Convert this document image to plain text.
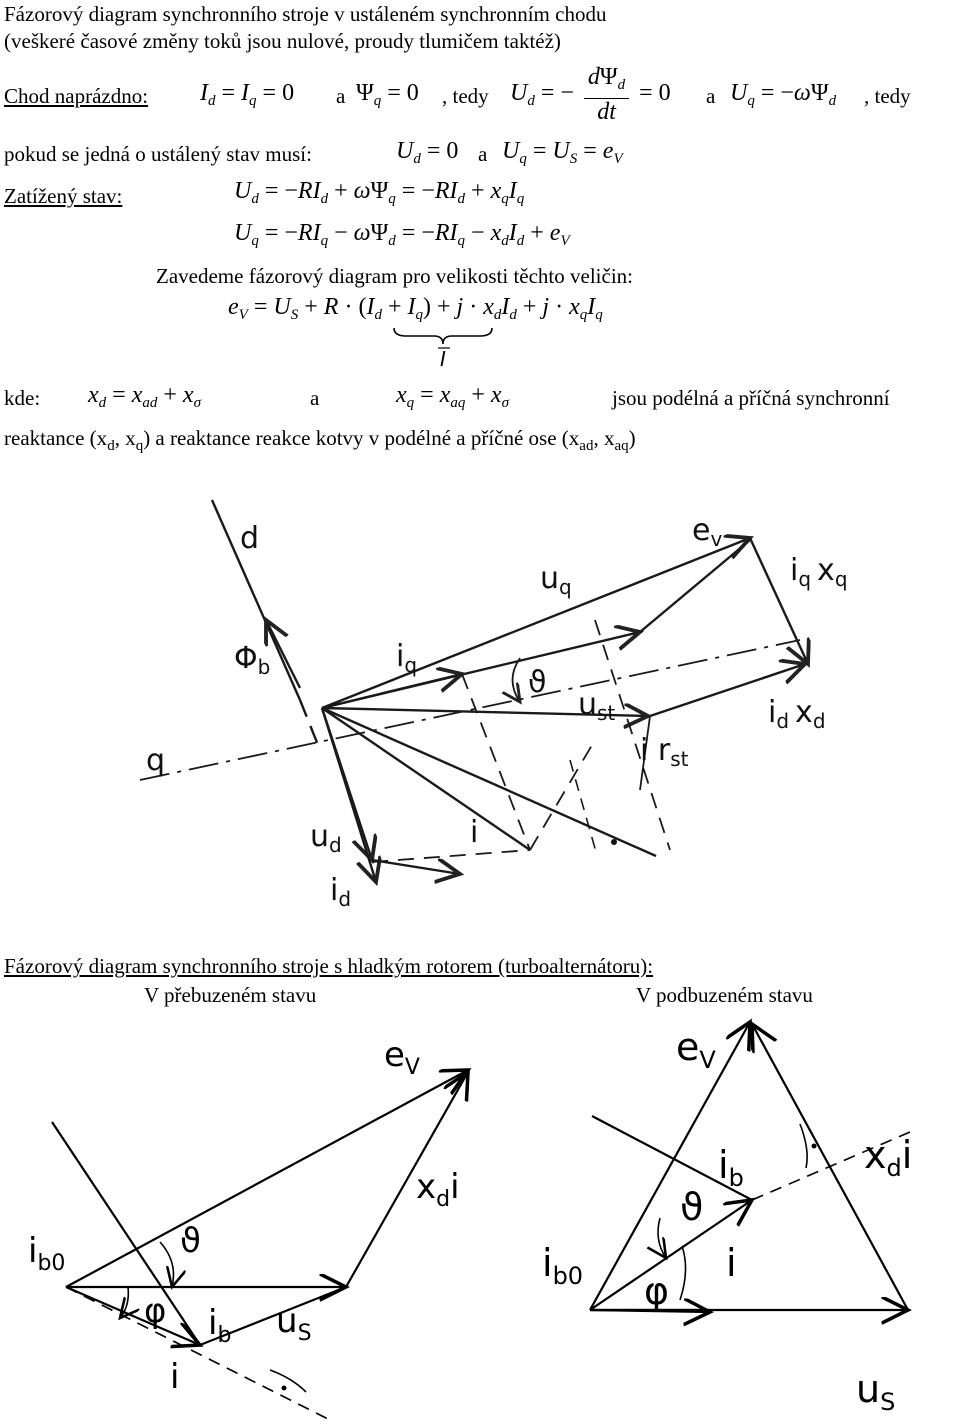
Fázorový diagram synchronního stroje v ustáleném synchronním chodu
(veškeré časové změny toků jsou nulové, proudy tlumičem taktéž)
Chod naprázdno: $I_d = I_q = 0$ a $\Psi_q = 0$ , tedy $U_d$ = − $\frac{d\Psi_d}{dt} = 0$ a $U_q = -\omega\Psi_d$ , tedy
pokud se jedná o ustálený stav musí:	$U_d = 0$ a $U_q = U_S = e_V$
Zatížený stav:	$U_d = -RI_d + \omega\Psi_q = -RI_d + x_qI_q$
$U_q = -RI_q - \omega\Psi_d = -RI_q - x_dI_d + e_V$
Zavedeme fázorový diagram pro velikosti těchto veličin:
$e_V = U_S + R \cdot (I_d + I_q) + j \cdot x_dI_d + j \cdot x_qI_q$
I
kde: $x_d = x_{ad} + x_\sigma$	a	$x_q = x_{aq} + x_\sigma$	jsou podélná a příčná synchronní
reaktance ($x_d$, $x_q$) a reaktance reakce kotvy v podélné a příčné ose ($x_{ad}$, $x_{aq}$)
d	$e_v$
$i_q$ $x_q$
$u_q$
$\Phi_b$	$i_q$	ϑ
$u_{st}$	$i_d$ $x_d$
q	i $r_{st}$
$u_d$	i
$i_d$
Fázorový diagram synchronního stroje s hladkým rotorem (turboalternátoru):
V přebuzeném stavu	V podbuzeném stavu
$e_V$
$x_di$
$i_{b0}$
ϑ
φ $i_b$ $u_S$
i
$e_V$
$i_b$
$x_di$
ϑ
$i_{b0}$	i
φ
$u_S$
